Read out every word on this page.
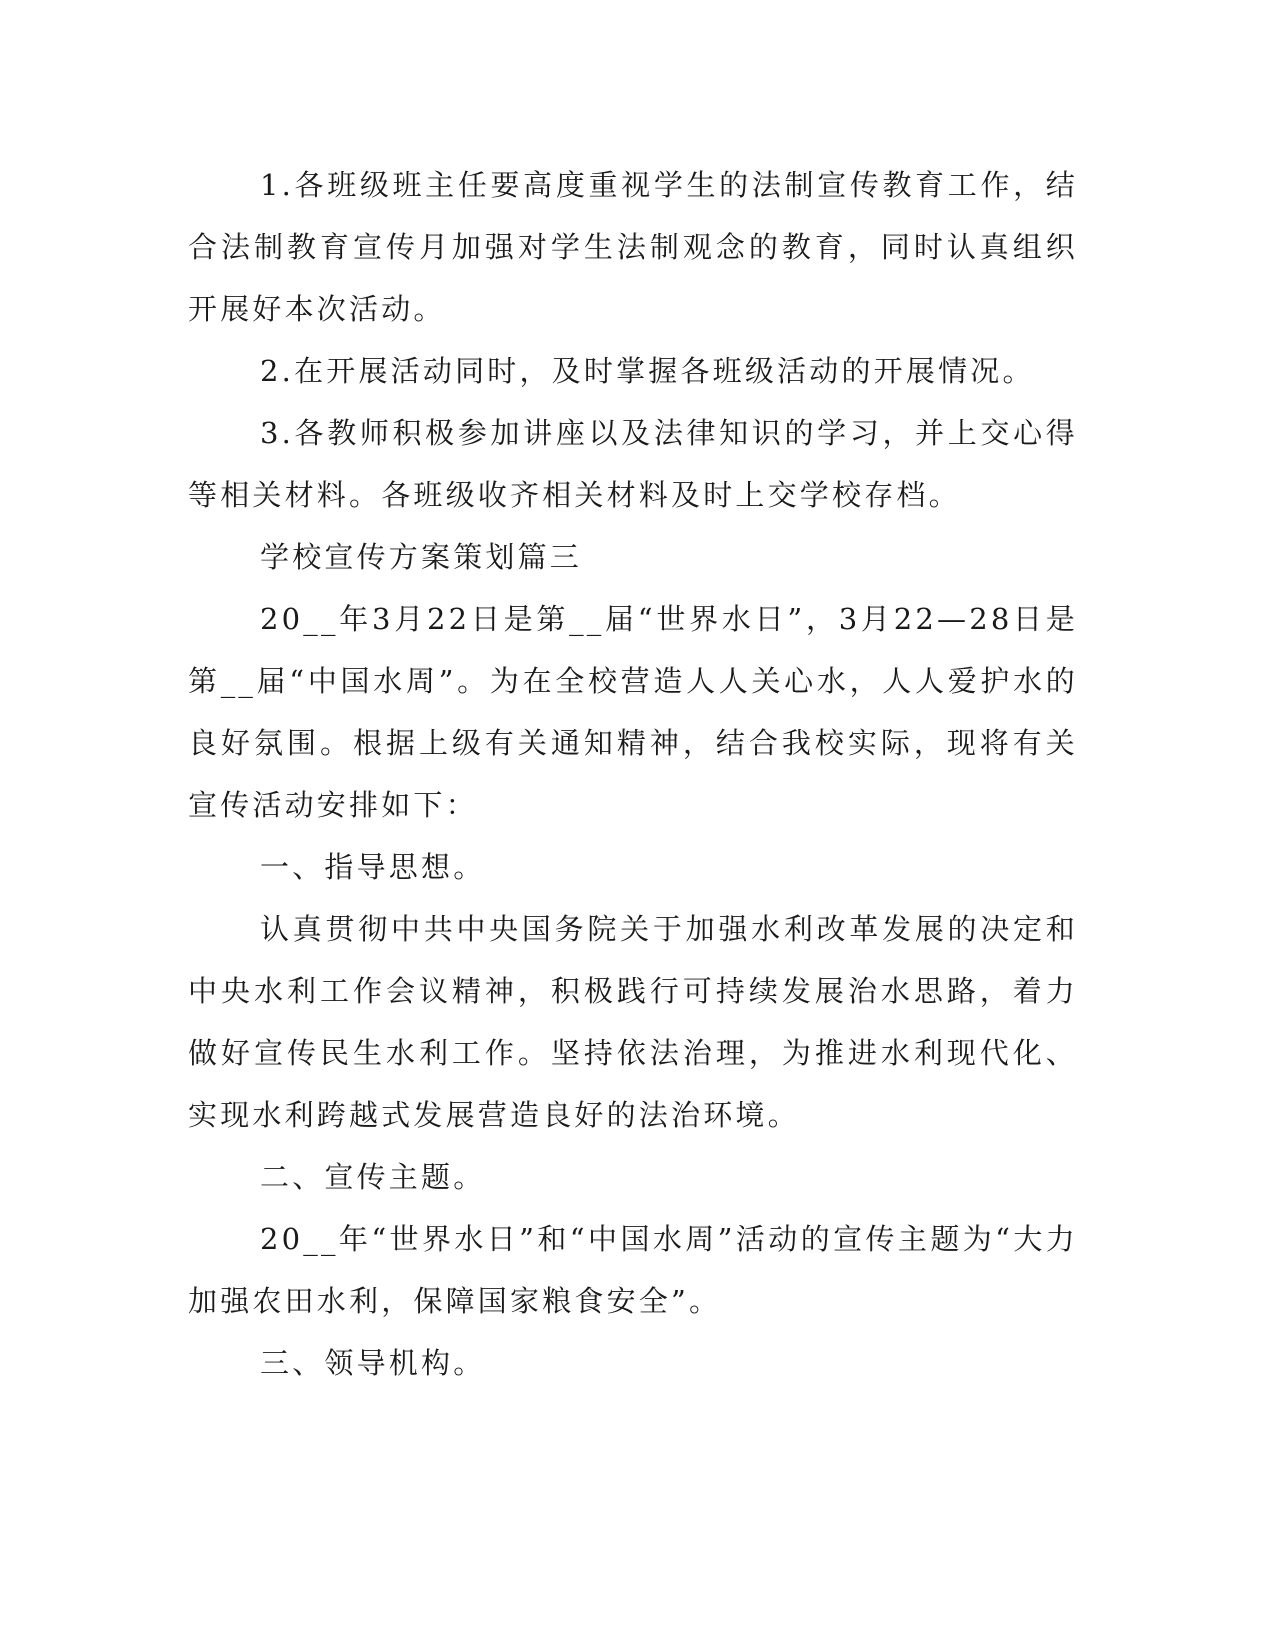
1.各班级班主任要高度重视学生的法制宣传教育工作，结合法制教育宣传月加强对学生法制观念的教育，同时认真组织开展好本次活动。

2.在开展活动同时，及时掌握各班级活动的开展情况。

3.各教师积极参加讲座以及法律知识的学习，并上交心得等相关材料。各班级收齐相关材料及时上交学校存档。

学校宣传方案策划篇三

20__年3月22日是第__届“世界水日”，3月22—28日是第__届“中国水周”。为在全校营造人人关心水，人人爱护水的良好氛围。根据上级有关通知精神，结合我校实际，现将有关宣传活动安排如下：

一、指导思想。

认真贯彻中共中央国务院关于加强水利改革发展的决定和中央水利工作会议精神，积极践行可持续发展治水思路，着力做好宣传民生水利工作。坚持依法治理，为推进水利现代化、实现水利跨越式发展营造良好的法治环境。

二、宣传主题。

20__年“世界水日”和“中国水周”活动的宣传主题为“大力加强农田水利，保障国家粮食安全”。

三、领导机构。
